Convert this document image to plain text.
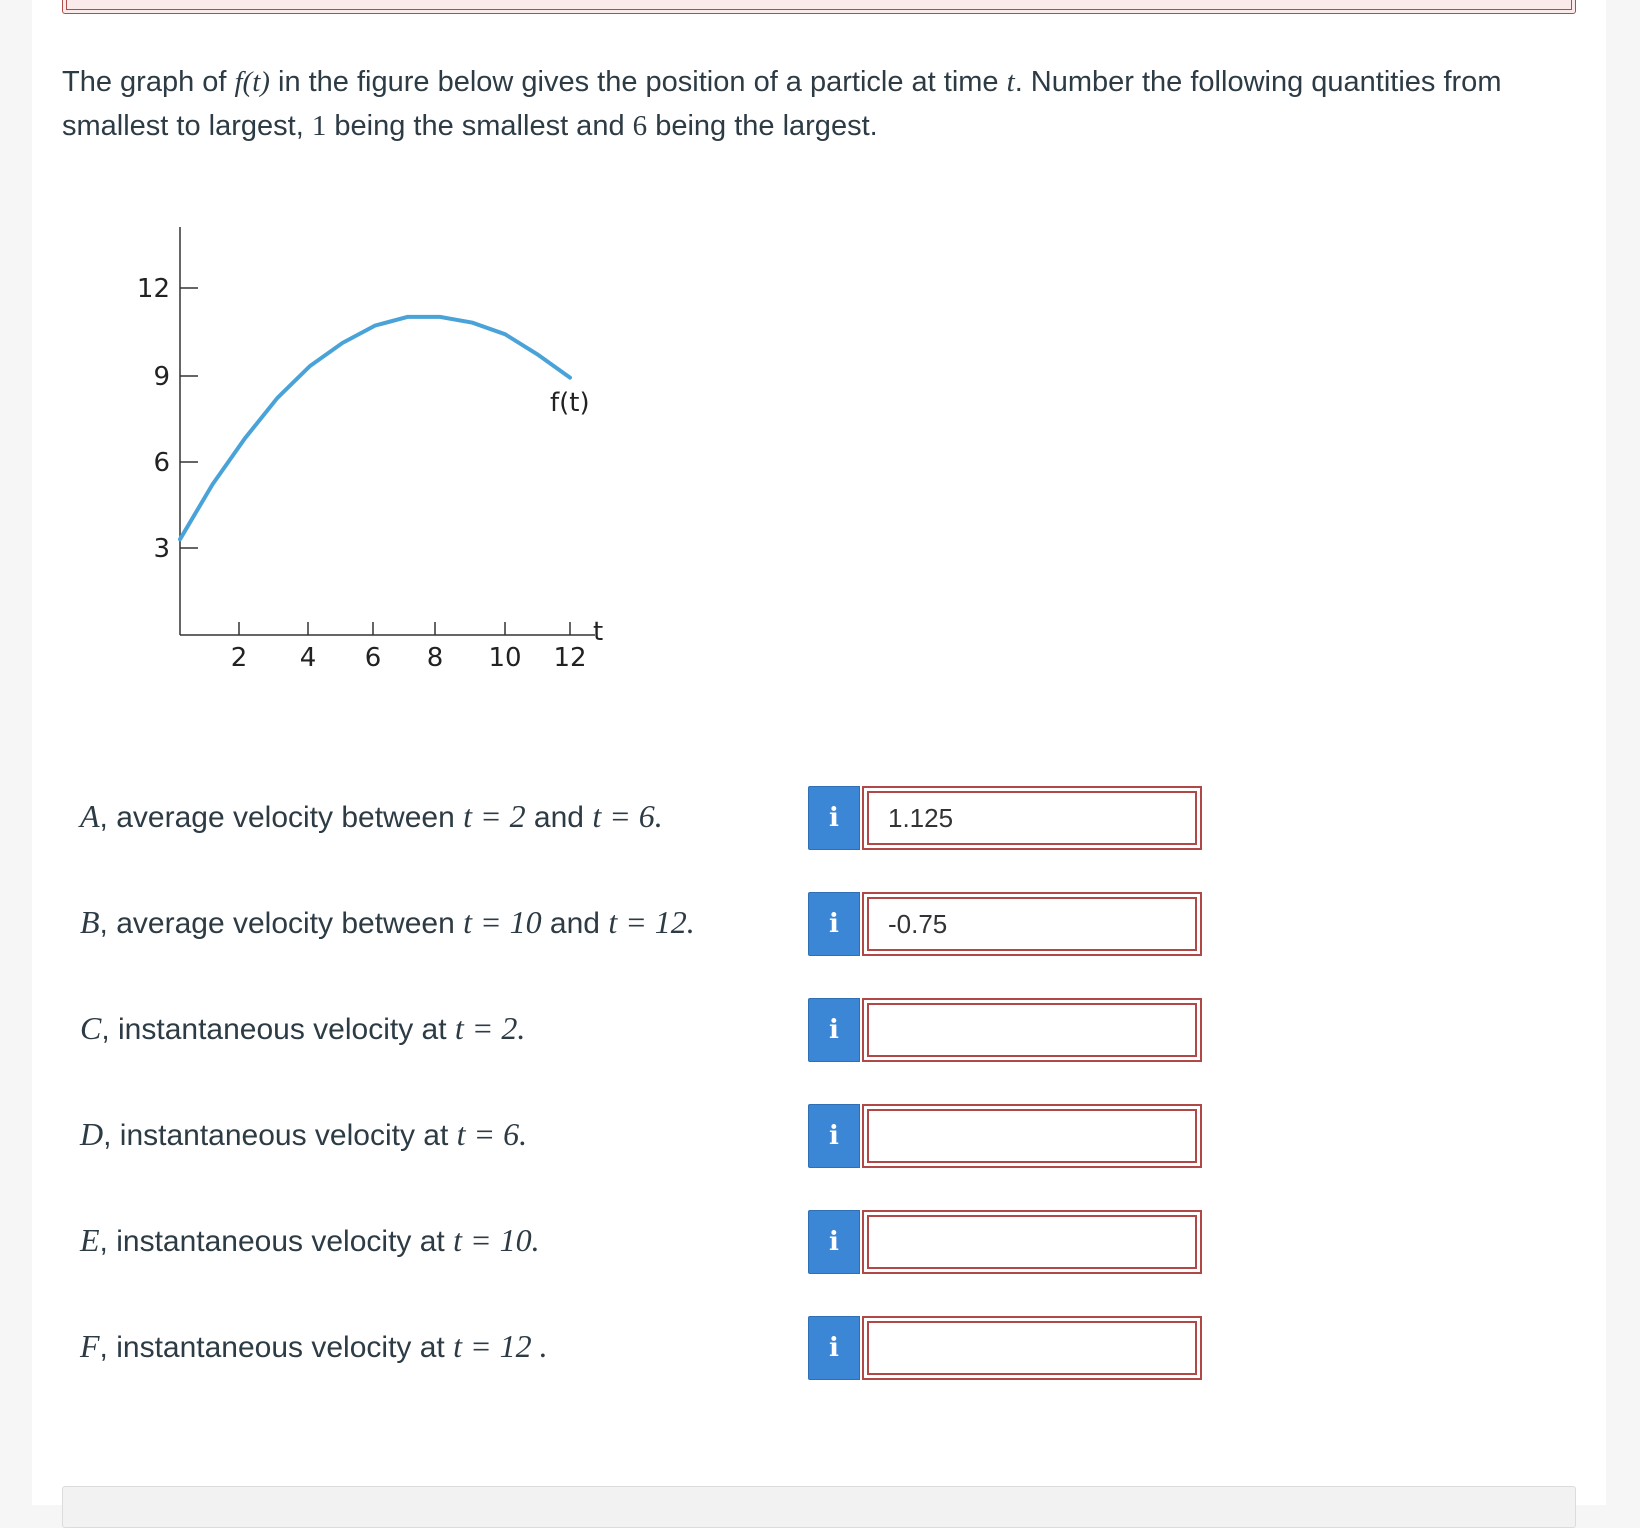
The graph of f(t) in the figure below gives the position of a particle at time t. Number the following quantities from smallest to largest, 1 being the smallest and 6 being the largest.
3
6
9
12
2 4 6 8 10 12
f(t)
t
A, average velocity between t = 2 and t = 6.	i
1.125
B, average velocity between t = 10 and t = 12.	i
-0.75
C, instantaneous velocity at t = 2.	i
D, instantaneous velocity at t = 6.	i
E, instantaneous velocity at t = 10.	i
F, instantaneous velocity at t = 12 .	i
